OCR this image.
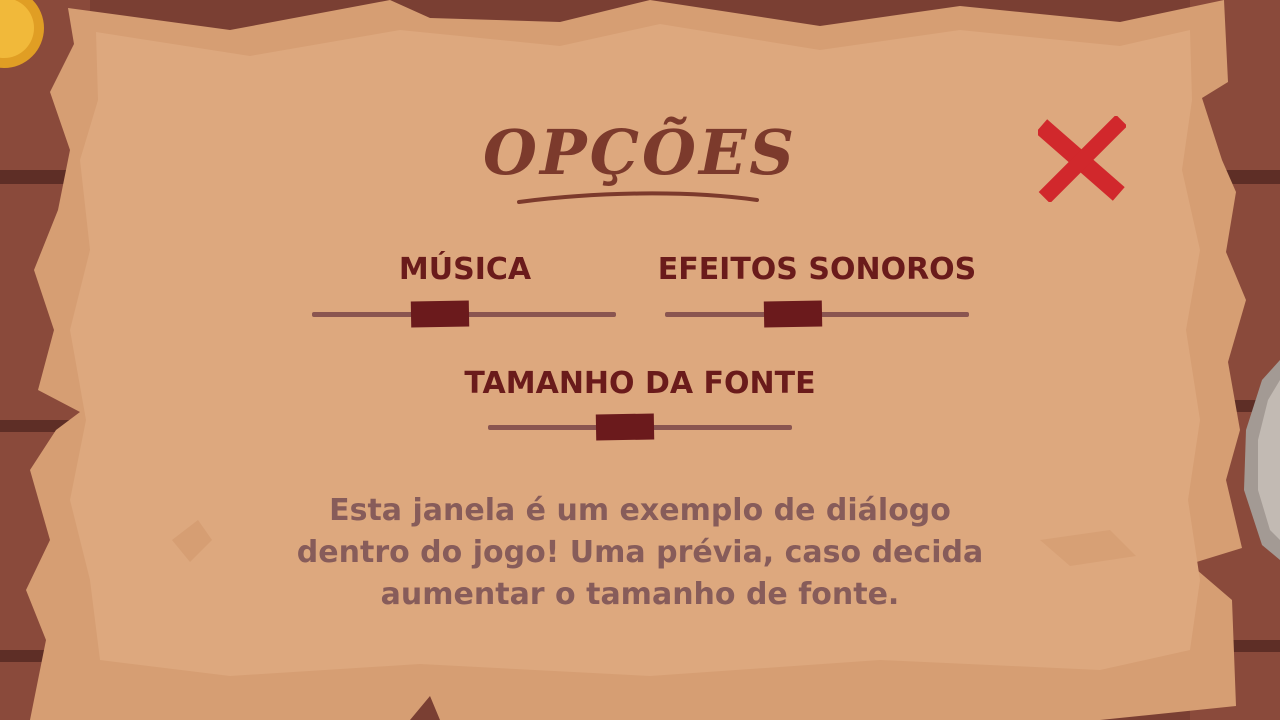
OPÇÕES
MÚSICA	EFEITOS SONOROS
TAMANHO DA FONTE
Esta janela é um exemplo de diálogo
dentro do jogo! Uma prévia, caso decida
aumentar o tamanho de fonte.
